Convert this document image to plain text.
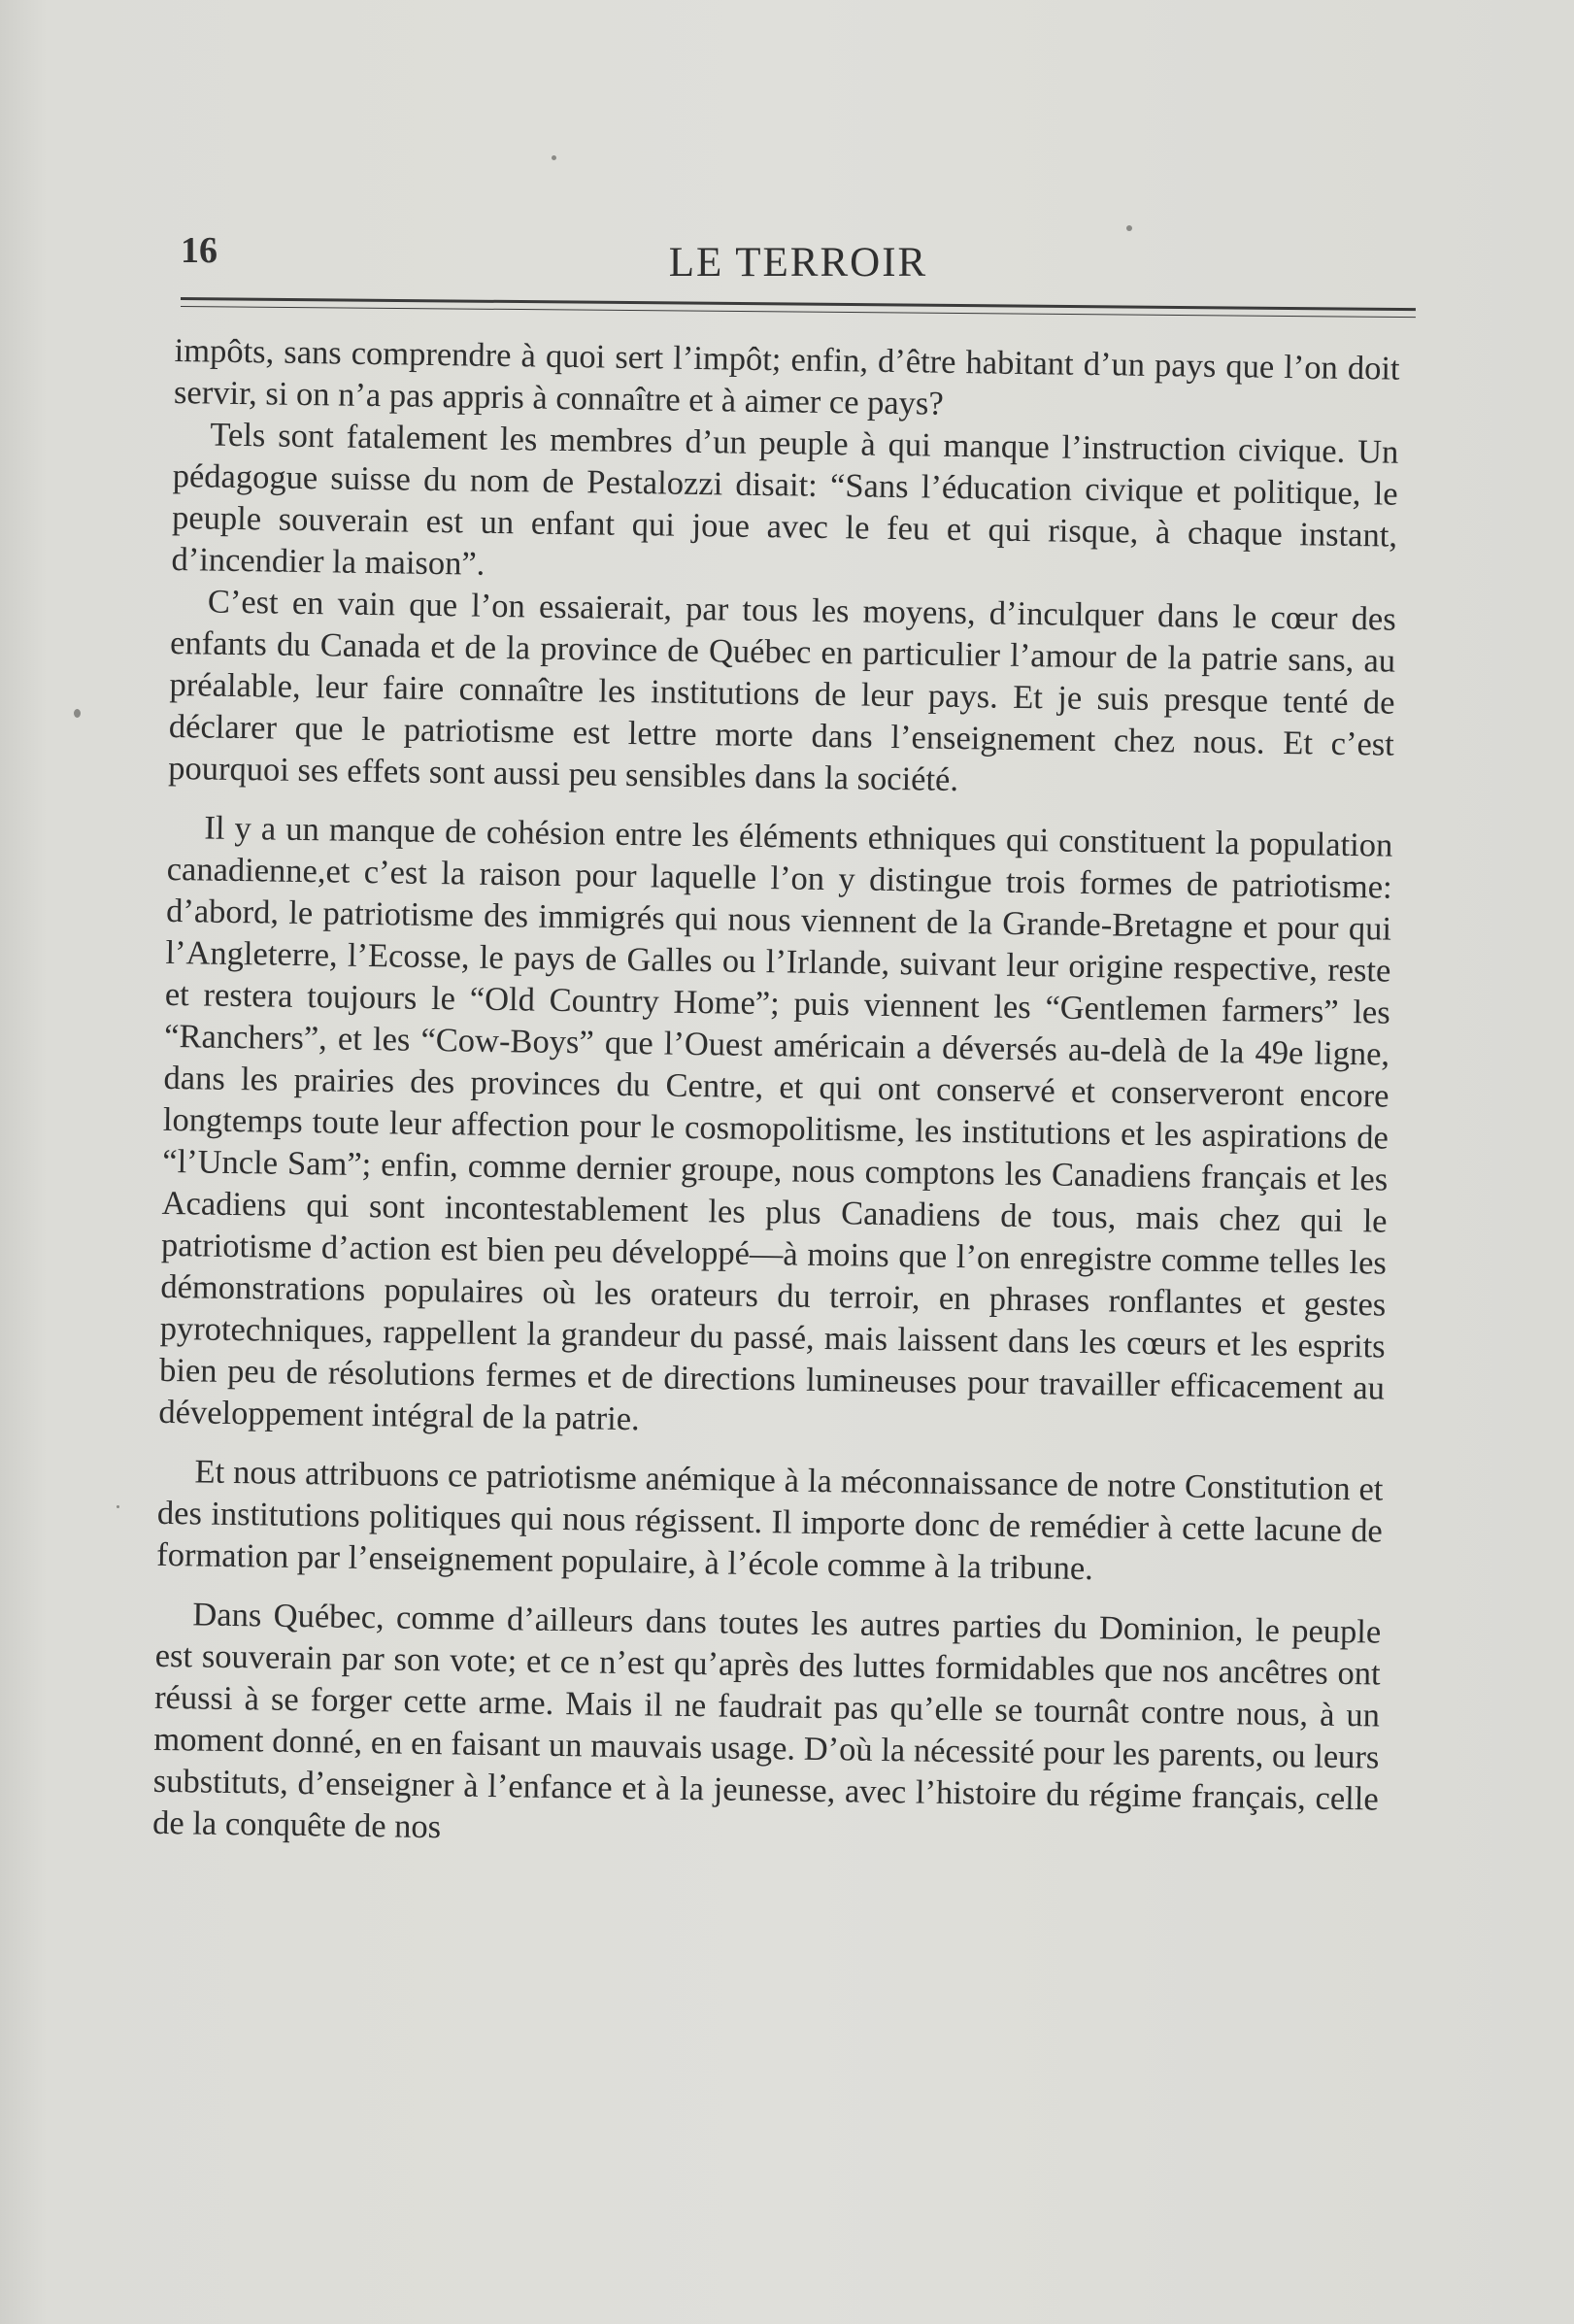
16	LE TERROIR

impôts, sans comprendre à quoi sert l’impôt; enfin, d’être habitant d’un pays que l’on doit servir, si on n’a pas appris à connaître et à aimer ce pays?

Tels sont fatalement les membres d’un peuple à qui manque l’instruction civique. Un pédagogue suisse du nom de Pestalozzi disait: “Sans l’éducation civique et politique, le peuple souverain est un enfant qui joue avec le feu et qui risque, à chaque instant, d’incendier la maison”.

C’est en vain que l’on essaierait, par tous les moyens, d’inculquer dans le cœur des enfants du Canada et de la province de Québec en particulier l’amour de la patrie sans, au préalable, leur faire connaître les institutions de leur pays. Et je suis presque tenté de déclarer que le patriotisme est lettre morte dans l’enseignement chez nous. Et c’est pourquoi ses effets sont aussi peu sensibles dans la société.

Il y a un manque de cohésion entre les éléments ethniques qui constituent la population canadienne,et c’est la raison pour laquelle l’on y distingue trois formes de patriotisme: d’abord, le patriotisme des immigrés qui nous viennent de la Grande-Bretagne et pour qui l’Angleterre, l’Ecosse, le pays de Galles ou l’Irlande, suivant leur origine respective, reste et restera toujours le “Old Country Home”; puis viennent les “Gentlemen farmers” les “Ranchers”, et les “Cow-Boys” que l’Ouest américain a déversés au-delà de la 49e ligne, dans les prairies des provinces du Centre, et qui ont conservé et conserveront encore longtemps toute leur affection pour le cosmopolitisme, les institutions et les aspirations de “l’Uncle Sam”; enfin, comme dernier groupe, nous comptons les Canadiens français et les Acadiens qui sont incontestablement les plus Canadiens de tous, mais chez qui le patriotisme d’action est bien peu développé—à moins que l’on enregistre comme telles les démonstrations populaires où les orateurs du terroir, en phrases ronflantes et gestes pyrotechniques, rappellent la grandeur du passé, mais laissent dans les cœurs et les esprits bien peu de résolutions fermes et de directions lumineuses pour travailler efficacement au développement intégral de la patrie.

Et nous attribuons ce patriotisme anémique à la méconnaissance de notre Constitution et des institutions politiques qui nous régissent. Il importe donc de remédier à cette lacune de formation par l’enseignement populaire, à l’école comme à la tribune.

Dans Québec, comme d’ailleurs dans toutes les autres parties du Dominion, le peuple est souverain par son vote; et ce n’est qu’après des luttes formidables que nos ancêtres ont réussi à se forger cette arme. Mais il ne faudrait pas qu’elle se tournât contre nous, à un moment donné, en en faisant un mauvais usage. D’où la nécessité pour les parents, ou leurs substituts, d’enseigner à l’enfance et à la jeunesse, avec l’histoire du régime français, celle de la conquête de nos
